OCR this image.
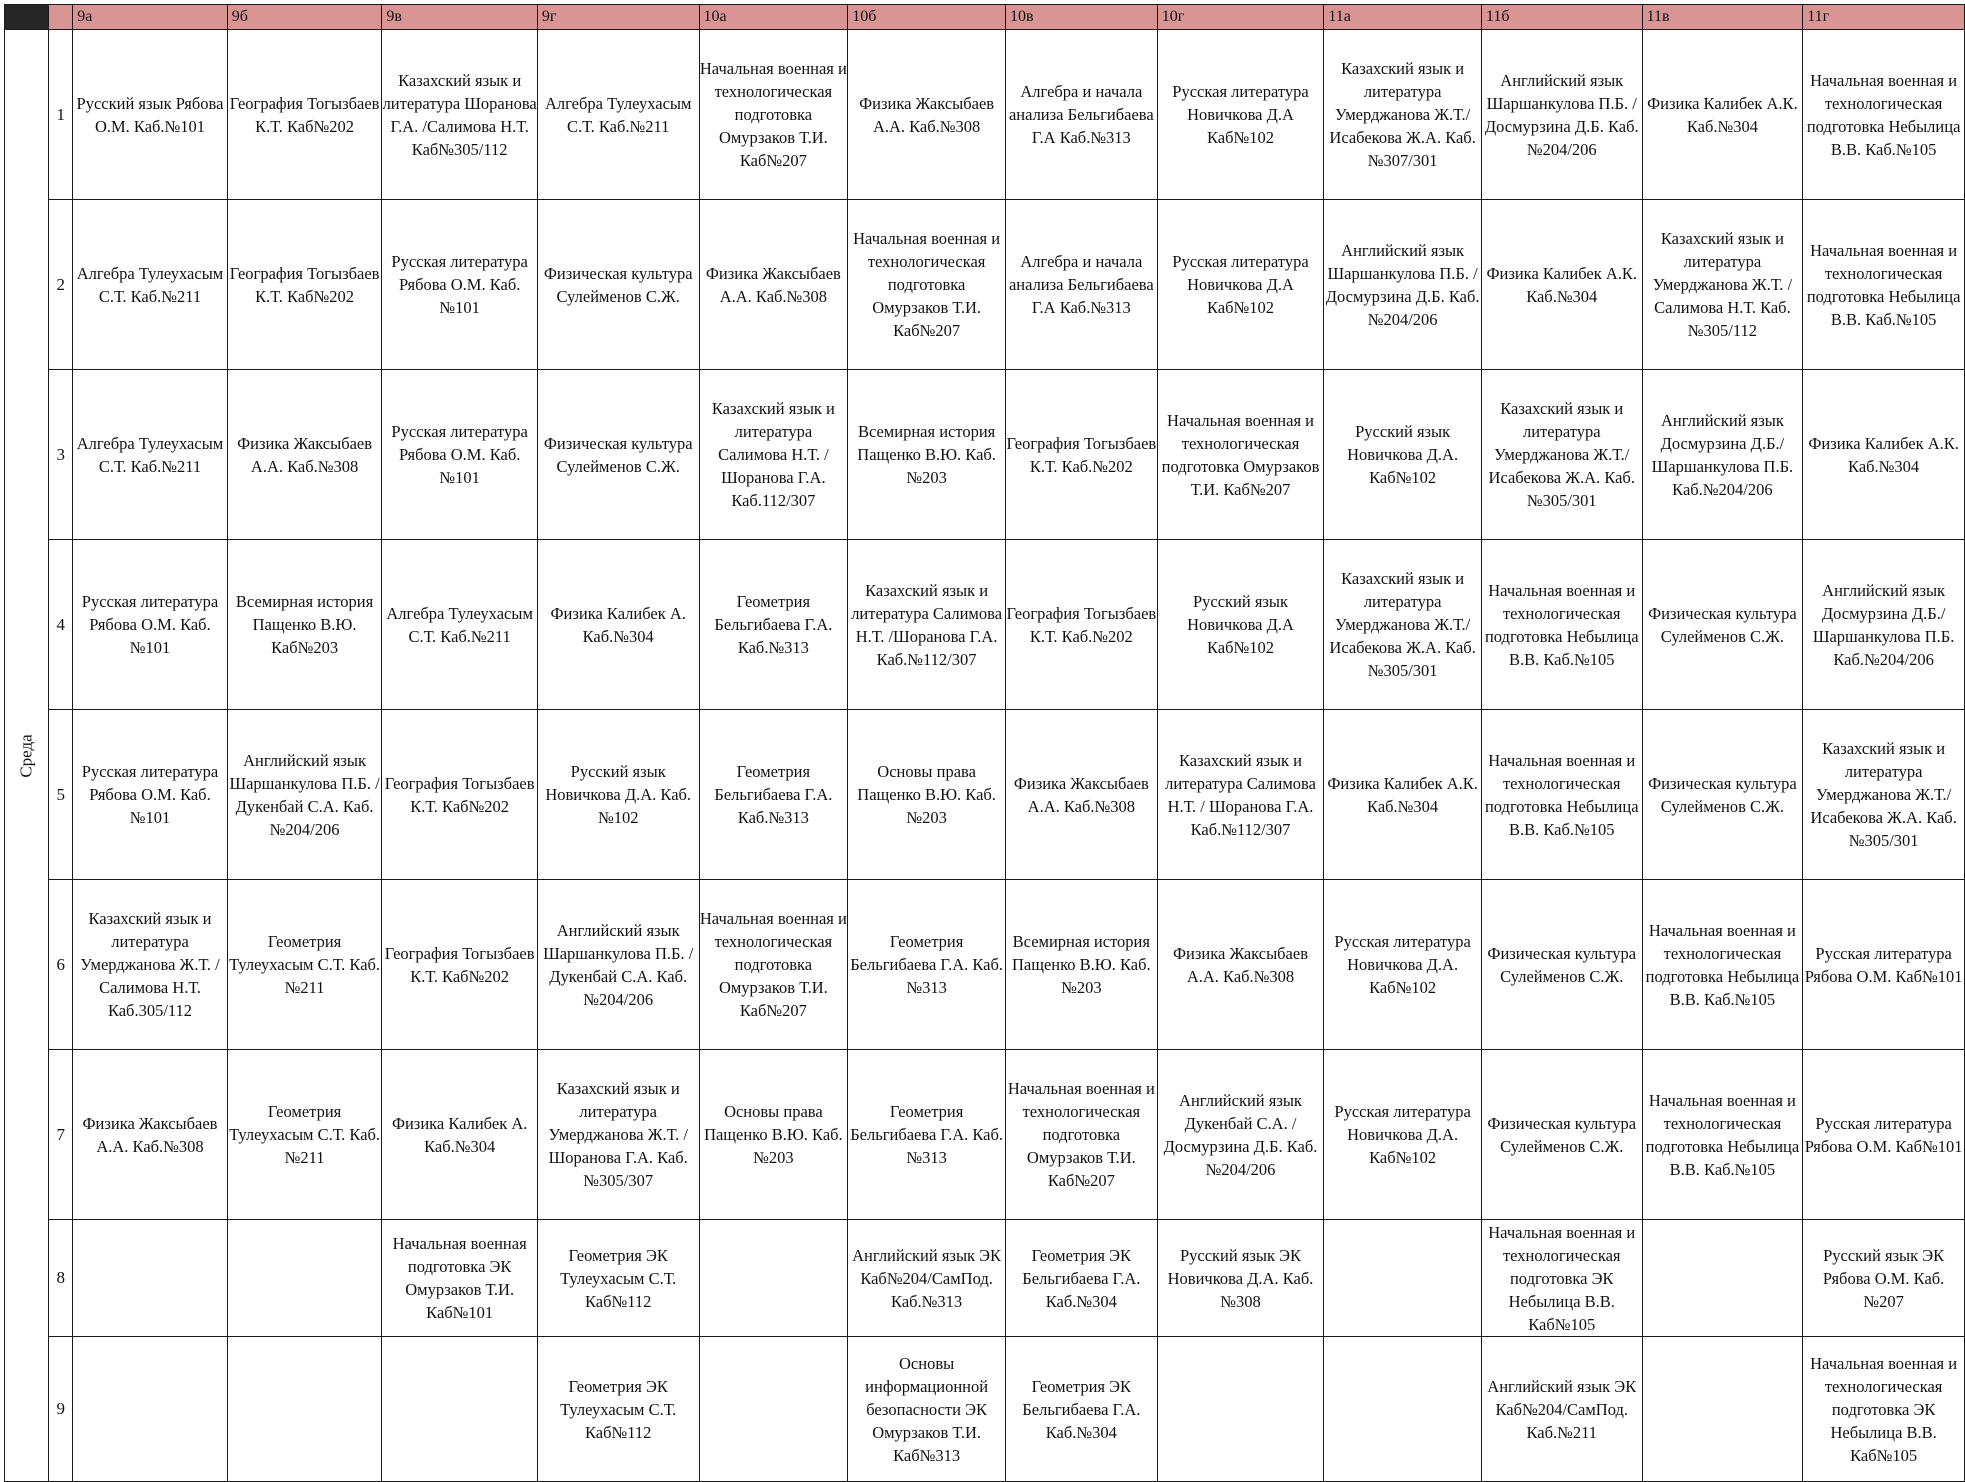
		9а	9б	9в	9г	10а	10б	10в	10г	11а	11б	11в	11г
Среда	1	Русский язык Рябова О.М. Каб.№101	География Тогызбаев К.Т. Каб№202	Казахский язык и литература Шоранова Г.А. /Салимова Н.Т. Каб№305/112	Алгебра Тулеухасым С.Т. Каб.№211	Начальная военная и технологическая подготовка Омурзаков Т.И. Каб№207	Физика Жаксыбаев А.А. Каб.№308	Алгебра и начала анализа Бельгибаева Г.А Каб.№313	Русская литература Новичкова Д.А Каб№102	Казахский язык и литература Умерджанова Ж.Т./Исабекова Ж.А. Каб.№307/301	Английский язык Шаршанкулова П.Б. /Досмурзина Д.Б. Каб.№204/206	Физика Калибек А.К. Каб.№304	Начальная военная и технологическая подготовка Небылица В.В. Каб.№105
	2	Алгебра Тулеухасым С.Т. Каб.№211	География Тогызбаев К.Т. Каб№202	Русская литература Рябова О.М. Каб.№101	Физическая культура Сулейменов С.Ж.	Физика Жаксыбаев А.А. Каб.№308	Начальная военная и технологическая подготовка Омурзаков Т.И. Каб№207	Алгебра и начала анализа Бельгибаева Г.А Каб.№313	Русская литература Новичкова Д.А Каб№102	Английский язык Шаршанкулова П.Б. /Досмурзина Д.Б. Каб.№204/206	Физика Калибек А.К. Каб.№304	Казахский язык и литература Умерджанова Ж.Т. /Салимова Н.Т. Каб.№305/112	Начальная военная и технологическая подготовка Небылица В.В. Каб.№105
	3	Алгебра Тулеухасым С.Т. Каб.№211	Физика Жаксыбаев А.А. Каб.№308	Русская литература Рябова О.М. Каб.№101	Физическая культура Сулейменов С.Ж.	Казахский язык и литература Салимова Н.Т. /Шоранова Г.А. Каб.112/307	Всемирная история Пащенко В.Ю. Каб.№203	География Тогызбаев К.Т. Каб.№202	Начальная военная и технологическая подготовка Омурзаков Т.И. Каб№207	Русский язык Новичкова Д.А. Каб№102	Казахский язык и литература Умерджанова Ж.Т./Исабекова Ж.А. Каб.№305/301	Английский язык Досмурзина Д.Б./ Шаршанкулова П.Б. Каб.№204/206	Физика Калибек А.К. Каб.№304
	4	Русская литература Рябова О.М. Каб.№101	Всемирная история Пащенко В.Ю. Каб№203	Алгебра Тулеухасым С.Т. Каб.№211	Физика Калибек А. Каб.№304	Геометрия Бельгибаева Г.А. Каб.№313	Казахский язык и литература Салимова Н.Т. /Шоранова Г.А. Каб.№112/307	География Тогызбаев К.Т. Каб.№202	Русский язык Новичкова Д.А Каб№102	Казахский язык и литература Умерджанова Ж.Т./Исабекова Ж.А. Каб.№305/301	Начальная военная и технологическая подготовка Небылица В.В. Каб.№105	Физическая культура Сулейменов С.Ж.	Английский язык Досмурзина Д.Б./ Шаршанкулова П.Б. Каб.№204/206
	5	Русская литература Рябова О.М. Каб.№101	Английский язык Шаршанкулова П.Б. /Дукенбай С.А. Каб.№204/206	География Тогызбаев К.Т. Каб№202	Русский язык Новичкова Д.А. Каб.№102	Геометрия Бельгибаева Г.А. Каб.№313	Основы права Пащенко В.Ю. Каб.№203	Физика Жаксыбаев А.А. Каб.№308	Казахский язык и литература Салимова Н.Т. / Шоранова Г.А. Каб.№112/307	Физика Калибек А.К. Каб.№304	Начальная военная и технологическая подготовка Небылица В.В. Каб.№105	Физическая культура Сулейменов С.Ж.	Казахский язык и литература Умерджанова Ж.Т./Исабекова Ж.А. Каб.№305/301
	6	Казахский язык и литература Умерджанова Ж.Т. / Салимова Н.Т. Каб.305/112	Геометрия Тулеухасым С.Т. Каб.№211	География Тогызбаев К.Т. Каб№202	Английский язык Шаршанкулова П.Б. /Дукенбай С.А. Каб.№204/206	Начальная военная и технологическая подготовка Омурзаков Т.И. Каб№207	Геометрия Бельгибаева Г.А. Каб.№313	Всемирная история Пащенко В.Ю. Каб.№203	Физика Жаксыбаев А.А. Каб.№308	Русская литература Новичкова Д.А. Каб№102	Физическая культура Сулейменов С.Ж.	Начальная военная и технологическая подготовка Небылица В.В. Каб.№105	Русская литература Рябова О.М. Каб№101
	7	Физика Жаксыбаев А.А. Каб.№308	Геометрия Тулеухасым С.Т. Каб.№211	Физика Калибек А. Каб.№304	Казахский язык и литература Умерджанова Ж.Т. /Шоранова Г.А. Каб.№305/307	Основы права Пащенко В.Ю. Каб.№203	Геометрия Бельгибаева Г.А. Каб.№313	Начальная военная и технологическая подготовка Омурзаков Т.И. Каб№207	Английский язык Дукенбай С.А. / Досмурзина Д.Б. Каб.№204/206	Русская литература Новичкова Д.А. Каб№102	Физическая культура Сулейменов С.Ж.	Начальная военная и технологическая подготовка Небылица В.В. Каб.№105	Русская литература Рябова О.М. Каб№101
	8			Начальная военная подготовка ЭК Омурзаков Т.И. Каб№101	Геометрия ЭК Тулеухасым С.Т. Каб№112		Английский язык ЭК Каб№204/СамПод. Каб.№313	Геометрия ЭК Бельгибаева Г.А. Каб.№304	Русский язык ЭК Новичкова Д.А. Каб.№308		Начальная военная и технологическая подготовка ЭК Небылица В.В. Каб№105		Русский язык ЭК Рябова О.М. Каб.№207
	9				Геометрия ЭК Тулеухасым С.Т. Каб№112		Основы информационной безопасности ЭК Омурзаков Т.И. Каб№313	Геометрия ЭК Бельгибаева Г.А. Каб.№304			Английский язык ЭК Каб№204/СамПод. Каб.№211		Начальная военная и технологическая подготовка ЭК Небылица В.В. Каб№105
